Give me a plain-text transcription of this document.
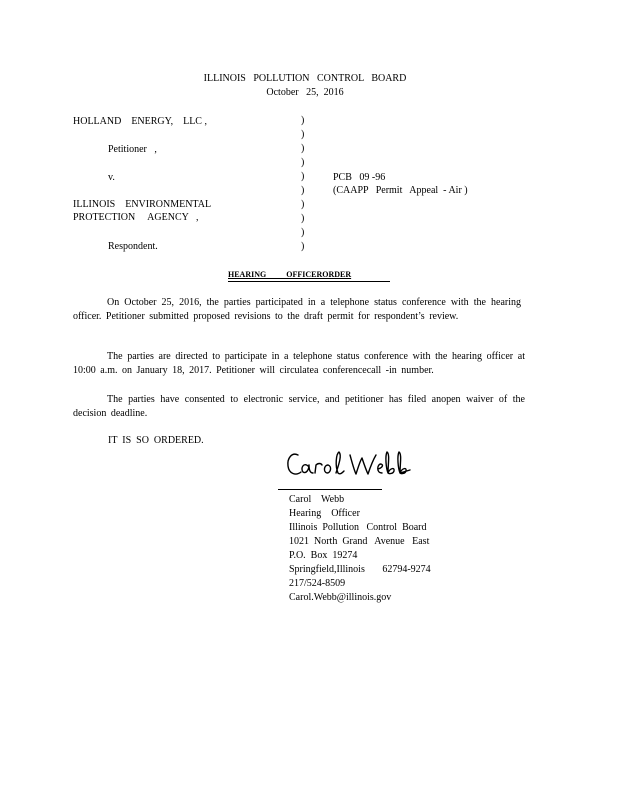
ILLINOIS   POLLUTION   CONTROL   BOARD
October   25,  2016
HOLLAND    ENERGY,    LLC ,
Petitioner   ,
v.
ILLINOIS    ENVIRONMENTAL
PROTECTION     AGENCY   ,
Respondent.
)
)
)
)
)
)
)
)
)
)
PCB   09 -96
(CAAPP   Permit   Appeal  - Air )
HEARING          OFFICERORDER
On October 25, 2016, the parties participated in a telephone status conference with the hearing officer. Petitioner submitted proposed revisions to the draft permit for respondent’s review.
The parties are directed to participate in a telephone status conference with the hearing officer at 10:00 a.m. on January 18, 2017. Petitioner will circulatea conferencecall -in number.
The parties have consented to electronic service, and petitioner has filed anopen waiver of the decision deadline.
IT  IS  SO  ORDERED.
Carol    Webb
Hearing    Officer
Illinois  Pollution   Control  Board
1021  North  Grand   Avenue   East
P.O.  Box  19274
Springfield,Illinois       62794-9274
217/524-8509
Carol.Webb@illinois.gov
